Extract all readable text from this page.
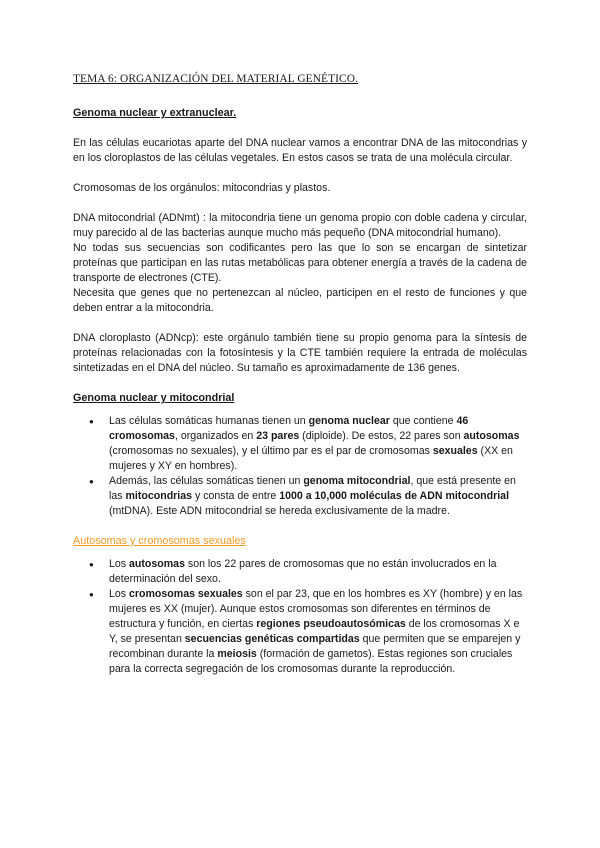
TEMA 6: ORGANIZACIÓN DEL MATERIAL GENÉTICO.
Genoma nuclear y extranuclear.

En las células eucariotas aparte del DNA nuclear vamos a encontrar DNA de las mitocondrias y en los cloroplastos de las células vegetales. En estos casos se trata de una molécula circular.

Cromosomas de los orgánulos: mitocondrias y plastos.

DNA mitocondrial (ADNmt) : la mitocondria tiene un genoma propio con doble cadena y circular, muy parecido al de las bacterias aunque mucho más pequeño (DNA mitocondrial humano).

No todas sus secuencias son codificantes pero las que lo son se encargan de sintetizar proteínas que participan en las rutas metabólicas para obtener energía a través de la cadena de transporte de electrones (CTE).

Necesita que genes que no pertenezcan al núcleo, participen en el resto de funciones y que deben entrar a la mitocondria.

DNA cloroplasto (ADNcp): este orgánulo también tiene su propio genoma para la síntesis de proteínas relacionadas con la fotosíntesis y la CTE también requiere la entrada de moléculas sintetizadas en el DNA del núcleo. Su tamaño es aproximadamente de 136 genes.

Genoma nuclear y mitocondrial
● Las células somáticas humanas tienen un genoma nuclear que contiene 46 cromosomas, organizados en 23 pares (diploide). De estos, 22 pares son autosomas (cromosomas no sexuales), y el último par es el par de cromosomas sexuales (XX en mujeres y XY en hombres).
● Además, las células somáticas tienen un genoma mitocondrial, que está presente en las mitocondrias y consta de entre 1000 a 10,000 moléculas de ADN mitocondrial (mtDNA). Este ADN mitocondrial se hereda exclusivamente de la madre.
Autosomas y cromosomas sexuales
● Los autosomas son los 22 pares de cromosomas que no están involucrados en la determinación del sexo.
● Los cromosomas sexuales son el par 23, que en los hombres es XY (hombre) y en las mujeres es XX (mujer). Aunque estos cromosomas son diferentes en términos de estructura y función, en ciertas regiones pseudoautosómicas de los cromosomas X e Y, se presentan secuencias genéticas compartidas que permiten que se emparejen y recombinan durante la meiosis (formación de gametos). Estas regiones son cruciales para la correcta segregación de los cromosomas durante la reproducción.
